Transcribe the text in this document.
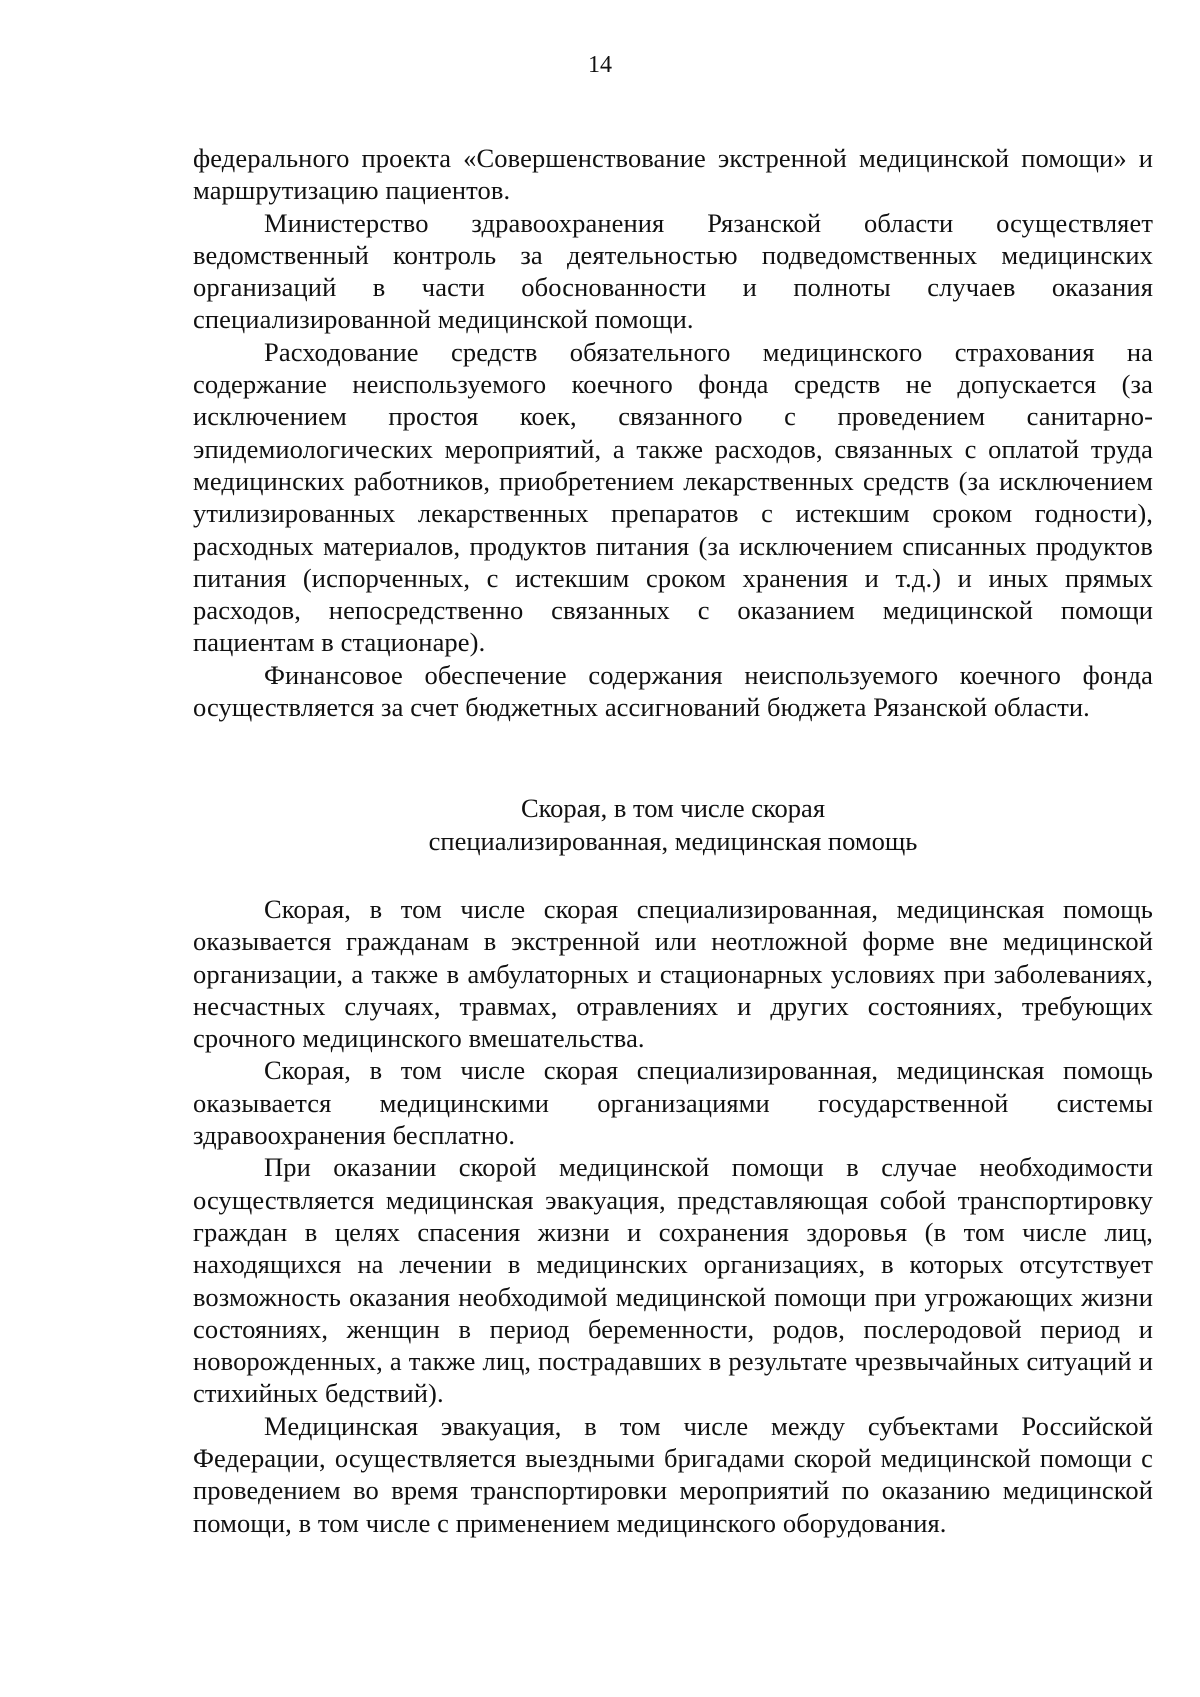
14

федерального проекта «Совершенствование экстренной медицинской помощи» и маршрутизацию пациентов.

Министерство здравоохранения Рязанской области осуществляет ведомственный контроль за деятельностью подведомственных медицинских организаций в части обоснованности и полноты случаев оказания специализированной медицинской помощи.

Расходование средств обязательного медицинского страхования на содержание неиспользуемого коечного фонда средств не допускается (за исключением простоя коек, связанного с проведением санитарно-эпидемиологических мероприятий, а также расходов, связанных с оплатой труда медицинских работников, приобретением лекарственных средств (за исключением утилизированных лекарственных препаратов с истекшим сроком годности), расходных материалов, продуктов питания (за исключением списанных продуктов питания (испорченных, с истекшим сроком хранения и т.д.) и иных прямых расходов, непосредственно связанных с оказанием медицинской помощи пациентам в стационаре).

Финансовое обеспечение содержания неиспользуемого коечного фонда осуществляется за счет бюджетных ассигнований бюджета Рязанской области.

Скорая, в том числе скорая
специализированная, медицинская помощь

Скорая, в том числе скорая специализированная, медицинская помощь оказывается гражданам в экстренной или неотложной форме вне медицинской организации, а также в амбулаторных и стационарных условиях при заболеваниях, несчастных случаях, травмах, отравлениях и других состояниях, требующих срочного медицинского вмешательства.

Скорая, в том числе скорая специализированная, медицинская помощь оказывается медицинскими организациями государственной системы здравоохранения бесплатно.

При оказании скорой медицинской помощи в случае необходимости осуществляется медицинская эвакуация, представляющая собой транспортировку граждан в целях спасения жизни и сохранения здоровья (в том числе лиц, находящихся на лечении в медицинских организациях, в которых отсутствует возможность оказания необходимой медицинской помощи при угрожающих жизни состояниях, женщин в период беременности, родов, послеродовой период и новорожденных, а также лиц, пострадавших в результате чрезвычайных ситуаций и стихийных бедствий).

Медицинская эвакуация, в том числе между субъектами Российской Федерации, осуществляется выездными бригадами скорой медицинской помощи с проведением во время транспортировки мероприятий по оказанию медицинской помощи, в том числе с применением медицинского оборудования.
